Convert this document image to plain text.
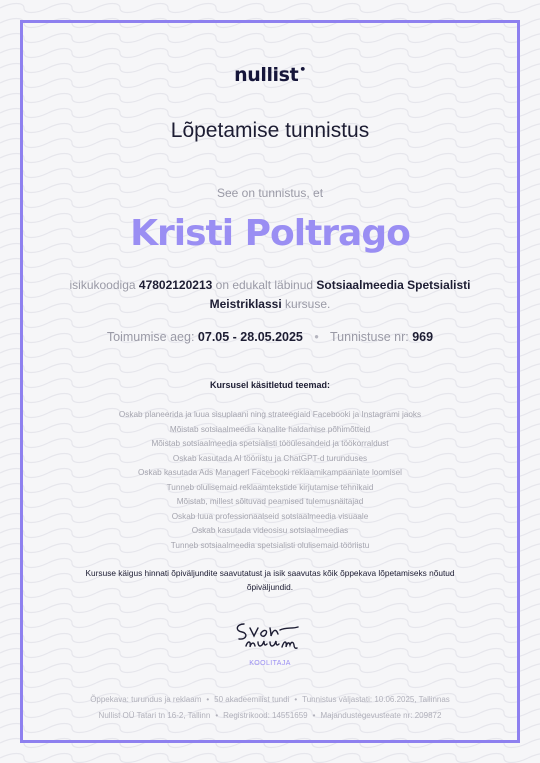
nullist•
Lõpetamise tunnistus
See on tunnistus, et
Kristi Poltrago
isikukoodiga 47802120213 on edukalt läbinud Sotsiaalmeedia Spetsialisti Meistriklassi kursuse.
Toimumise aeg: 07.05 - 28.05.2025 • Tunnistuse nr: 969
Kursusel käsitletud teemad:
Oskab planeerida ja luua sisuplaani ning strateegiaid Facebooki ja Instagrami jaoks
Mõistab sotsiaalmeedia kanalite haldamise põhimõtteid
Mõistab sotsiaalmeedia spetsialisti tööülesandeid ja töökorraldust
Oskab kasutada AI tööriistu ja ChatGPT-d turunduses
Oskab kasutada Ads Managerl Facebooki reklaamikampaaniate loomisel
Tunneb olulisemaid reklaamtekstide kirjutamise tehnikaid
Mõistab, millest sõltuvad peamised tulemusnäitajad
Oskab luua professionaalseid sotsiaalmeedia visuaale
Oskab kasutada videosisu sotsiaalmeedias
Tunneb sotsiaalmeedia spetsialisti olulisemaid tööriistu
Kursuse käigus hinnati õpiväljundite saavutatust ja isik saavutas kõik õppekava lõpetamiseks nõutud õpiväljundid.
KOOLITAJA
Õppekava: turundus ja reklaam • 50 akadeemilist tundi • Tunnistus väljastati: 10.06.2025, Tallinnas
Nullist OÜ Tatari tn 16-2, Tallinn • Registrikood: 14551659 • Majandustegevusteate nr: 209872
